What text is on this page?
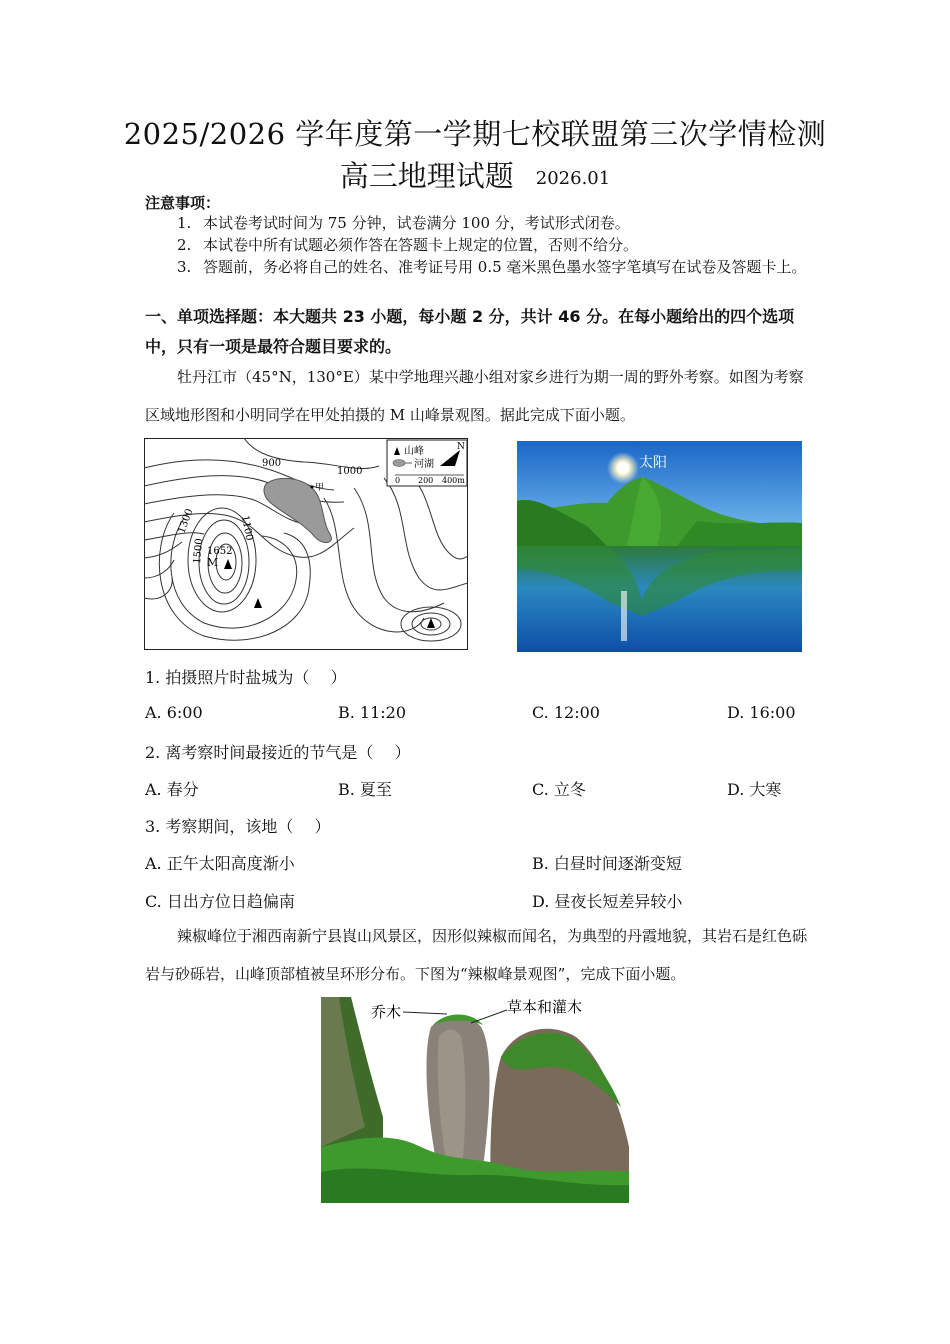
2025/2026 学年度第一学期七校联盟第三次学情检测
高三地理试题 2026.01
注意事项：
1. 本试卷考试时间为 75 分钟，试卷满分 100 分，考试形式闭卷。
2. 本试卷中所有试题必须作答在答题卡上规定的位置，否则不给分。
3. 答题前，务必将自己的姓名、准考证号用 0.5 毫米黑色墨水签字笔填写在试卷及答题卡上。
一、单项选择题：本大题共 23 小题，每小题 2 分，共计 46 分。在每小题给出的四个选项中，只有一项是最符合题目要求的。
牡丹江市（45°N，130°E）某中学地理兴趣小组对家乡进行为期一周的野外考察。如图为考察区域地形图和小明同学在甲处拍摄的 M 山峰景观图。据此完成下面小题。
甲
900
1000
1100
1300
1500 1652
M
山峰
河湖
N
0 200 400m
太阳
1. 拍摄照片时盐城为（　 ）
A. 6:00	B. 11:20	C. 12:00	D. 16:00
2. 离考察时间最接近的节气是（　 ）
A. 春分	B. 夏至	C. 立冬	D. 大寒
3. 考察期间，该地（　 ）
A. 正午太阳高度渐小	B. 白昼时间逐渐变短
C. 日出方位日趋偏南	D. 昼夜长短差异较小
辣椒峰位于湘西南新宁县崀山风景区，因形似辣椒而闻名，为典型的丹霞地貌，其岩石是红色砾岩与砂砾岩，山峰顶部植被呈环形分布。下图为“辣椒峰景观图”，完成下面小题。
乔木	草本和灌木
